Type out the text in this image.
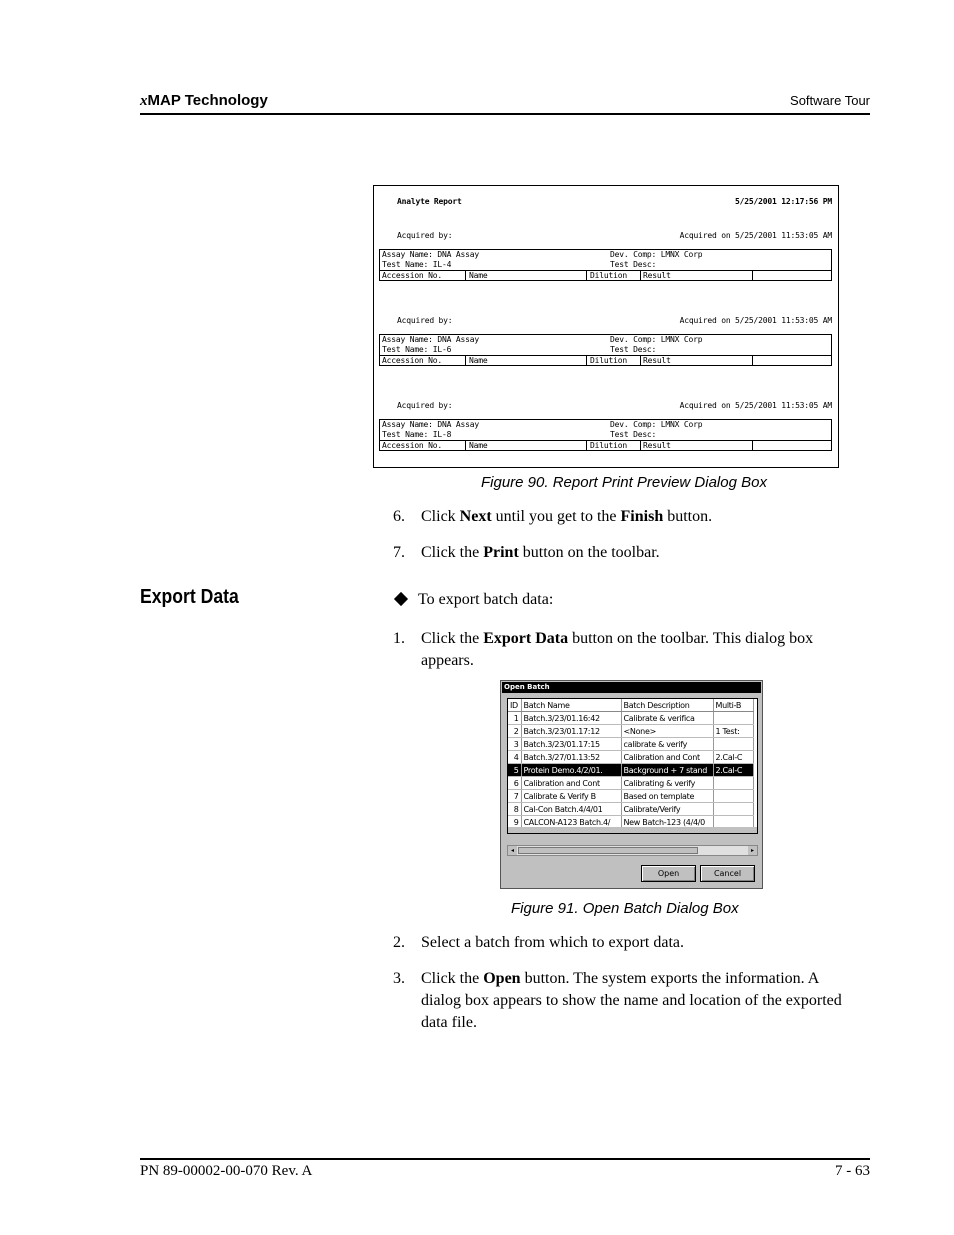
xMAP Technology	Software Tour
Analyte Report	5/25/2001 12:17:56 PM
Acquired by:	Acquired on 5/25/2001 11:53:05 AM
Assay Name: DNA Assay	Dev. Comp: LMNX Corp
Test Name: IL-4	Test Desc:
Accession No.	Name	Dilution Result
Acquired by:	Acquired on 5/25/2001 11:53:05 AM
Assay Name: DNA Assay	Dev. Comp: LMNX Corp
Test Name: IL-6	Test Desc:
Accession No.	Name	Dilution Result
Acquired by:	Acquired on 5/25/2001 11:53:05 AM
Assay Name: DNA Assay	Dev. Comp: LMNX Corp
Test Name: IL-8	Test Desc:
Accession No.	Name	Dilution Result
Figure 90. Report Print Preview Dialog Box
6. Click Next until you get to the Finish button.
7. Click the Print button on the toolbar.
Export Data	To export batch data:
1. Click the Export Data button on the toolbar. This dialog box appears.
Open Batch
ID	Batch Name	Batch Description	Multi-B
1	Batch.3/23/01.16:42	Calibrate & verifica	
2	Batch.3/23/01.17:12	<None>	1 Test:
3	Batch.3/23/01.17:15	calibrate & verify	
4	Batch.3/27/01.13:52	Calibration and Cont	2.Cal-C
5	Protein Demo.4/2/01.	Background + 7 stand	2.Cal-C
6	Calibration and Cont	Calibrating & verify	
7	Calibrate & Verify B	Based on template	
8	Cal-Con Batch.4/4/01	Calibrate/Verify	
9	CALCON-A123 Batch.4/	New Batch-123 (4/4/0	
◂	▸
Open	Cancel
Figure 91. Open Batch Dialog Box
2. Select a batch from which to export data.
3. Click the Open button. The system exports the information. A dialog box appears to show the name and location of the exported data file.
PN 89-00002-00-070 Rev. A	7 - 63
